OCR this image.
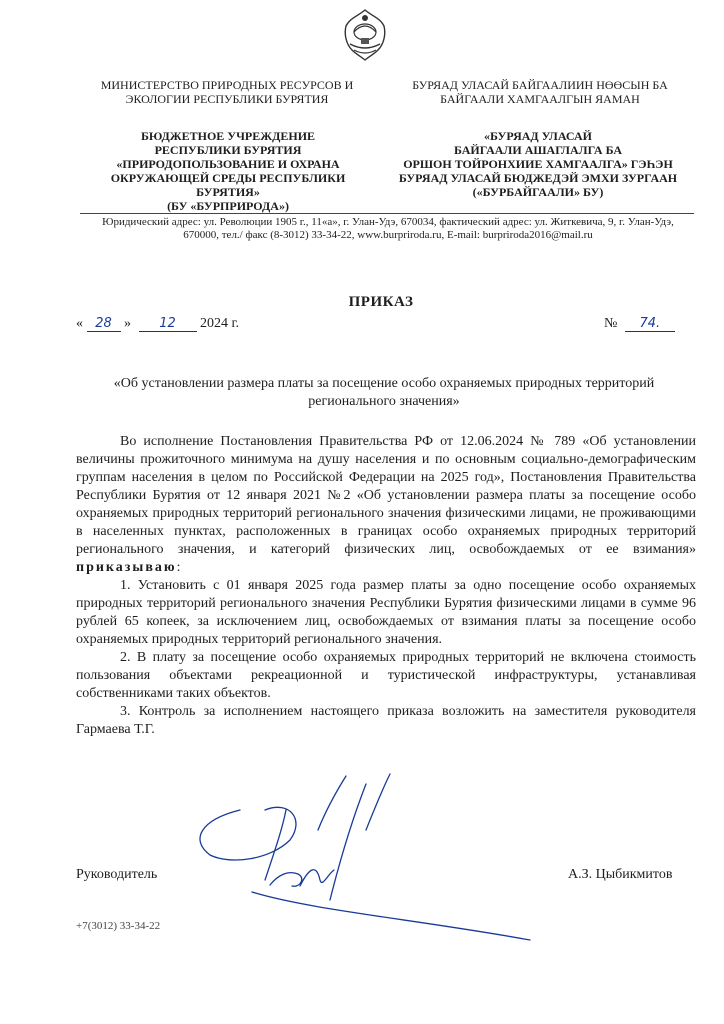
МИНИСТЕРСТВО ПРИРОДНЫХ РЕСУРСОВ И ЭКОЛОГИИ РЕСПУБЛИКИ БУРЯТИЯ
БУРЯАД УЛАСАЙ БАЙГААЛИИН НӨӨСЫН БА БАЙГААЛИ ХАМГААЛГЫН ЯАМАН
БЮДЖЕТНОЕ УЧРЕЖДЕНИЕ РЕСПУБЛИКИ БУРЯТИЯ «ПРИРОДОПОЛЬЗОВАНИЕ И ОХРАНА ОКРУЖАЮЩЕЙ СРЕДЫ РЕСПУБЛИКИ БУРЯТИЯ»
(БУ «БУРПРИРОДА»)
«БУРЯАД УЛАСАЙ
БАЙГААЛИ АШАГЛАЛГА БА
ОРШОН ТОЙРОНХИИЕ ХАМГААЛГА» ГЭҺЭН
БУРЯАД УЛАСАЙ БЮДЖЕДЭЙ ЭМХИ ЗУРГААН
(«БУРБАЙГААЛИ» БУ)
Юридический адрес: ул. Революции 1905 г., 11«а», г. Улан-Удэ, 670034, фактический адрес: ул. Житкевича, 9, г. Улан-Удэ, 670000, тел./ факс (8-3012) 33-34-22, www.burpriroda.ru, E-mail: burpriroda2016@mail.ru
ПРИКАЗ
« 28 » 12 2024 г.	№ 74.
«Об установлении размера платы за посещение особо охраняемых природных территорий регионального значения»

Во исполнение Постановления Правительства РФ от 12.06.2024 № 789 «Об установлении величины прожиточного минимума на душу населения и по основным социально-демографическим группам населения в целом по Российской Федерации на 2025 год», Постановления Правительства Республики Бурятия от 12 января 2021 №2 «Об установлении размера платы за посещение особо охраняемых природных территорий регионального значения физическими лицами, не проживающими в населенных пунктах, расположенных в границах особо охраняемых природных территорий регионального значения, и категорий физических лиц, освобождаемых от ее взимания» приказываю:

1. Установить с 01 января 2025 года размер платы за одно посещение особо охраняемых природных территорий регионального значения Республики Бурятия физическими лицами в сумме 96 рублей 65 копеек, за исключением лиц, освобождаемых от взимания платы за посещение особо охраняемых природных территорий регионального значения.

2. В плату за посещение особо охраняемых природных территорий не включена стоимость пользования объектами рекреационной и туристической инфраструктуры, устанавливая собственниками таких объектов.

3. Контроль за исполнением настоящего приказа возложить на заместителя руководителя Гармаева Т.Г.

Руководитель	А.З. Цыбикмитов
+7(3012) 33-34-22
